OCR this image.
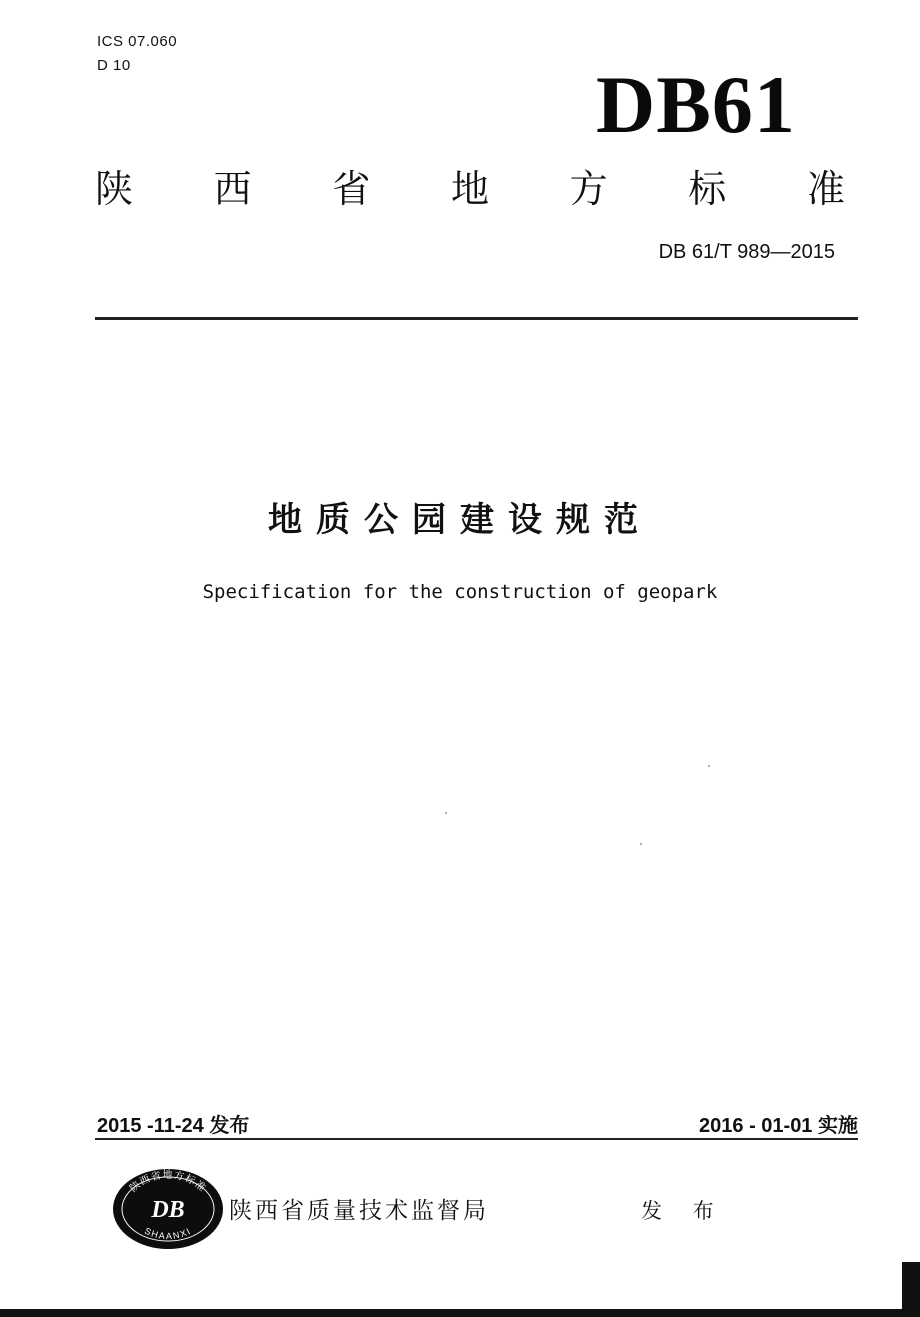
ICS 07.060
D 10	DB61
陕 西 省 地 方 标 准
DB 61/T 989—2015
地质公园建设规范
Specification for the construction of geopark
2015 -11-24 发布	2016 - 01-01 实施
陕西省地方标准
DB
SHAANXI
陕西省质量技术监督局	发 布
